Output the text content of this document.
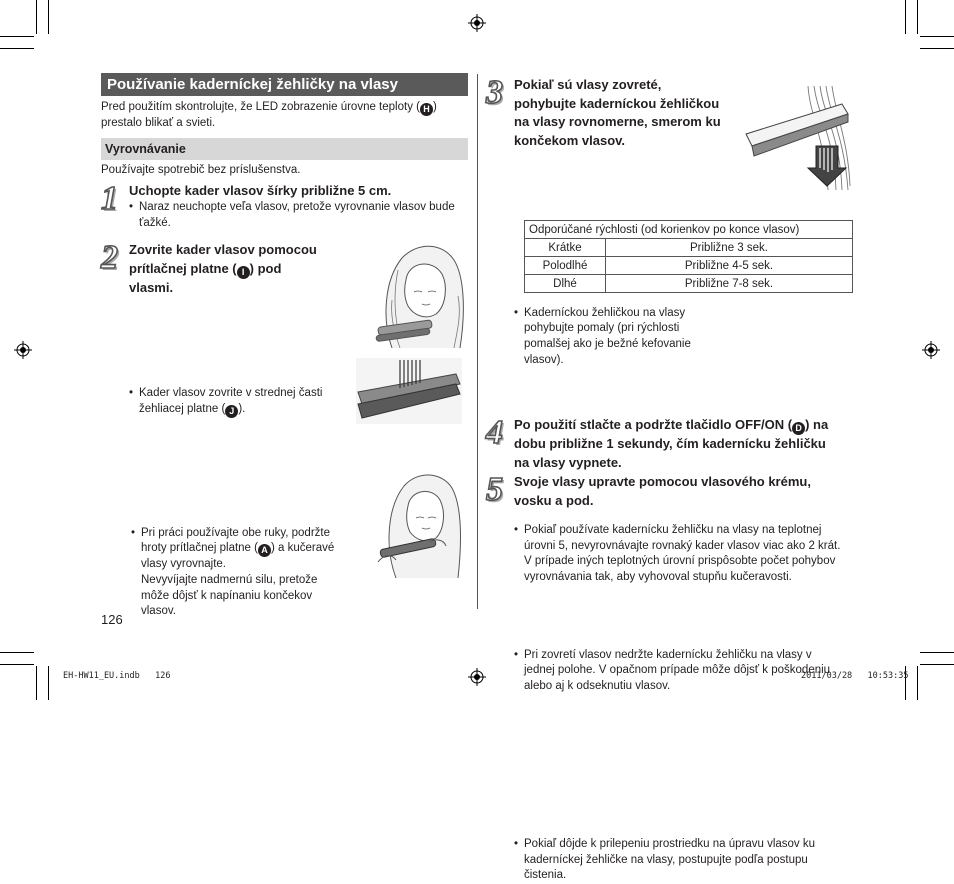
Používanie kaderníckej žehličky na vlasy
Pred použitím skontrolujte, že LED zobrazenie úrovne teploty ( H ) prestalo blikať a svieti.
Vyrovnávanie
Používajte spotrebič bez príslušenstva.
1 Uchopte kader vlasov šírky približne 5 cm.
• Naraz neuchopte veľa vlasov, pretože vyrovnanie vlasov bude ťažké.
2 Zovrite kader vlasov pomocou
prítlačnej platne ( I ) pod
vlasmi.
• Kader vlasov zovrite v strednej časti
žehliacej platne ( J ).
• Pri práci používajte obe ruky, podržte
hroty prítlačnej platne ( A ) a kučeravé
vlasy vyrovnajte.
Nevyvíjajte nadmernú silu, pretože
môže dôjsť k napínaniu končekov
vlasov.
126
3 Pokiaľ sú vlasy zovreté,
pohybujte kaderníckou žehličkou
na vlasy rovnomerne, smerom ku
končekom vlasov.
• Kaderníckou žehličkou na vlasy
pohybujte pomaly (pri rýchlosti
pomalšej ako je bežné kefovanie
vlasov).
Odporúčané rýchlosti (od korienkov po konce vlasov)	
Krátke	Približne 3 sek.
Polodlhé	Približne 4-5 sek.
Dlhé	Približne 7-8 sek.
• Pokiaľ používate kadernícku žehličku na vlasy na teplotnej
úrovni 5, nevyrovnávajte rovnaký kader vlasov viac ako 2 krát.
V prípade iných teplotných úrovní prispôsobte počet pohybov
vyrovnávania tak, aby vyhovoval stupňu kučeravosti.
• Pri zovretí vlasov nedržte kadernícku žehličku na vlasy v
jednej polohe. V opačnom prípade môže dôjsť k poškodeniu
alebo aj k odseknutiu vlasov.
4 Po použití stlačte a podržte tlačidlo OFF/ON ( D ) na
dobu približne 1 sekundy, čím kadernícku žehličku
na vlasy vypnete.
5 Svoje vlasy upravte pomocou vlasového krému,
vosku a pod.
• Pokiaľ dôjde k prilepeniu prostriedku na úpravu vlasov ku
kaderníckej žehličke na vlasy, postupujte podľa postupu
čistenia.
EH-HW11_EU.indb   126	2011/03/28   10:53:35
